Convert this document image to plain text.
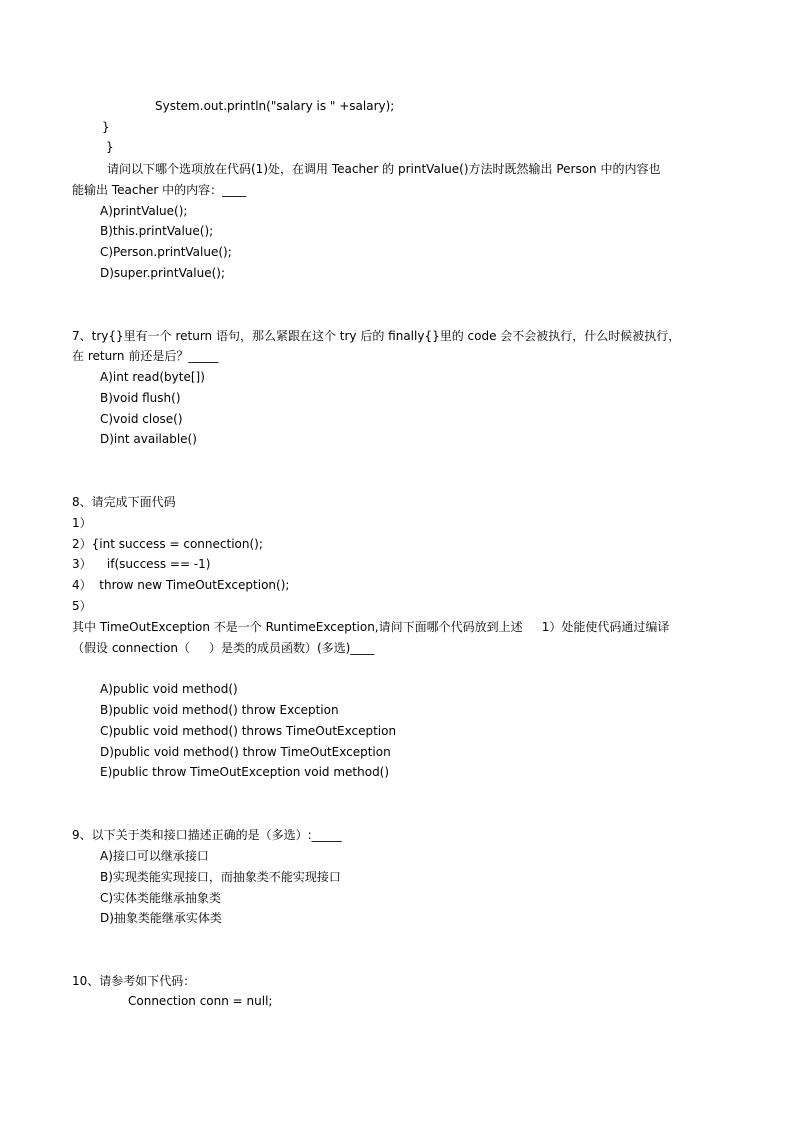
System.out.println("salary is " +salary);
}
}
请问以下哪个选项放在代码(1)处，在调用 Teacher 的 printValue()方法时既然输出 Person 中的内容也
能输出 Teacher 中的内容：____
A)printValue();
B)this.printValue();
C)Person.printValue();
D)super.printValue();
7、try{}里有一个 return 语句，那么紧跟在这个 try 后的 finally{}里的 code 会不会被执行，什么时候被执行，
在 return 前还是后？_____
A)int read(byte[])
B)void flush()
C)void close()
D)int available()
8、请完成下面代码
1）
2）{int success = connection();
3）    if(success == -1)
4）  throw new TimeOutException();
5）
其中 TimeOutException 不是一个 RuntimeException,请问下面哪个代码放到上述     1）处能使代码通过编译
（假设 connection（     ）是类的成员函数）(多选)____
A)public void method()
B)public void method() throw Exception
C)public void method() throws TimeOutException
D)public void method() throw TimeOutException
E)public throw TimeOutException void method()
9、以下关于类和接口描述正确的是（多选）:_____
A)接口可以继承接口
B)实现类能实现接口，而抽象类不能实现接口
C)实体类能继承抽象类
D)抽象类能继承实体类
10、请参考如下代码：
Connection conn = null;
